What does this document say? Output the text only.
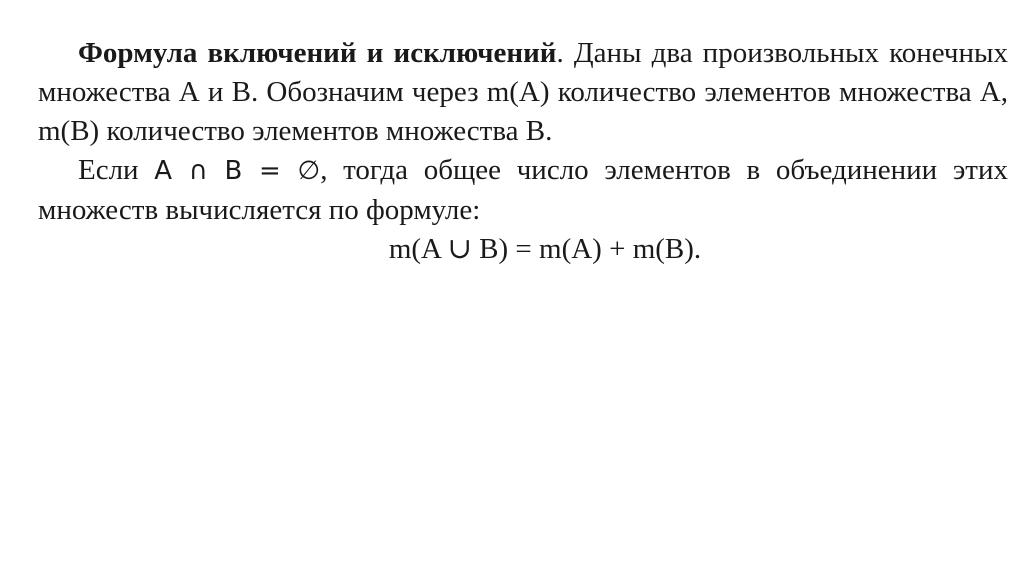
Формула включений и исключений. Даны два произвольных конечных множества А и В. Обозначим через m(A) количество элементов множества А, m(B) количество элементов множества В.

Если A ∩ B = ∅, тогда общее число элементов в объединении этих множеств вычисляется по формуле:

m(A ∪ B) = m(A) + m(B).
